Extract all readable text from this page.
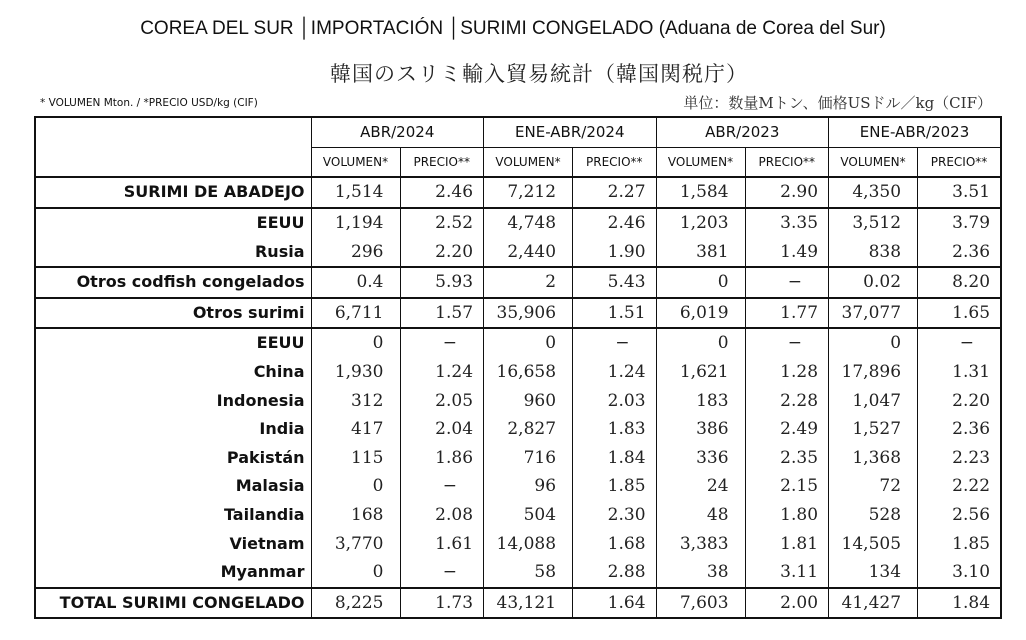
COREA DEL SUR │IMPORTACIÓN │SURIMI CONGELADO (Aduana de Corea del Sur)
韓国のスリミ輸入貿易統計（韓国関税庁）
* VOLUMEN Mton. / *PRECIO USD/kg (CIF)	単位：数量Mトン、価格USドル／kg（CIF）
	ABR/2024		ENE-ABR/2024		ABR/2023		ENE-ABR/2023	
	VOLUMEN*	PRECIO**	VOLUMEN*	PRECIO**	VOLUMEN*	PRECIO**	VOLUMEN*	PRECIO**
SURIMI DE ABADEJO	1,514	2.46	7,212	2.27	1,584	2.90	4,350	3.51
EEUU	1,194	2.52	4,748	2.46	1,203	3.35	3,512	3.79
Rusia	296	2.20	2,440	1.90	381	1.49	838	2.36
Otros codfish congelados	0.4	5.93	2	5.43	0	−	0.02	8.20
Otros surimi	6,711	1.57	35,906	1.51	6,019	1.77	37,077	1.65
EEUU	0	−	0	−	0	−	0	−
China	1,930	1.24	16,658	1.24	1,621	1.28	17,896	1.31
Indonesia	312	2.05	960	2.03	183	2.28	1,047	2.20
India	417	2.04	2,827	1.83	386	2.49	1,527	2.36
Pakistán	115	1.86	716	1.84	336	2.35	1,368	2.23
Malasia	0	−	96	1.85	24	2.15	72	2.22
Tailandia	168	2.08	504	2.30	48	1.80	528	2.56
Vietnam	3,770	1.61	14,088	1.68	3,383	1.81	14,505	1.85
Myanmar	0	−	58	2.88	38	3.11	134	3.10
TOTAL SURIMI CONGELADO	8,225	1.73	43,121	1.64	7,603	2.00	41,427	1.84
